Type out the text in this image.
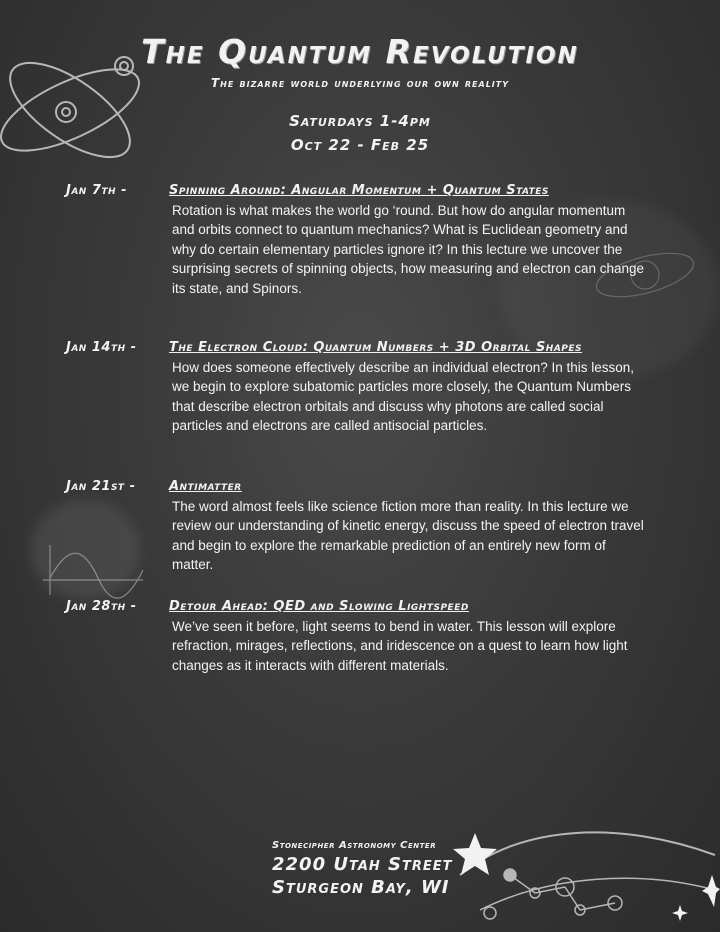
The Quantum Revolution
The bizarre world underlying our own reality
Saturdays 1-4pm
Oct 22 - Feb 25
Jan 7th -	Spinning Around: Angular Momentum + Quantum States
Rotation is what makes the world go ‘round. But how do angular momentum and orbits connect to quantum mechanics? What is Euclidean geometry and why do certain elementary particles ignore it? In this lecture we uncover the surprising secrets of spinning objects, how measuring and electron can change its state, and Spinors.
Jan 14th - The Electron Cloud: Quantum Numbers + 3D Orbital Shapes
How does someone effectively describe an individual electron? In this lesson, we begin to explore subatomic particles more closely, the Quantum Numbers that describe electron orbitals and discuss why photons are called social particles and electrons are called antisocial particles.
Jan 21st -	Antimatter
The word almost feels like science fiction more than reality. In this lecture we review our understanding of kinetic energy, discuss the speed of electron travel and begin to explore the remarkable prediction of an entirely new form of matter.
Jan 28th - Detour Ahead: QED and Slowing Lightspeed
We’ve seen it before, light seems to bend in water. This lesson will explore refraction, mirages, reflections, and iridescence on a quest to learn how light changes as it interacts with different materials.
Stonecipher Astronomy Center
2200 Utah Street
Sturgeon Bay, WI
